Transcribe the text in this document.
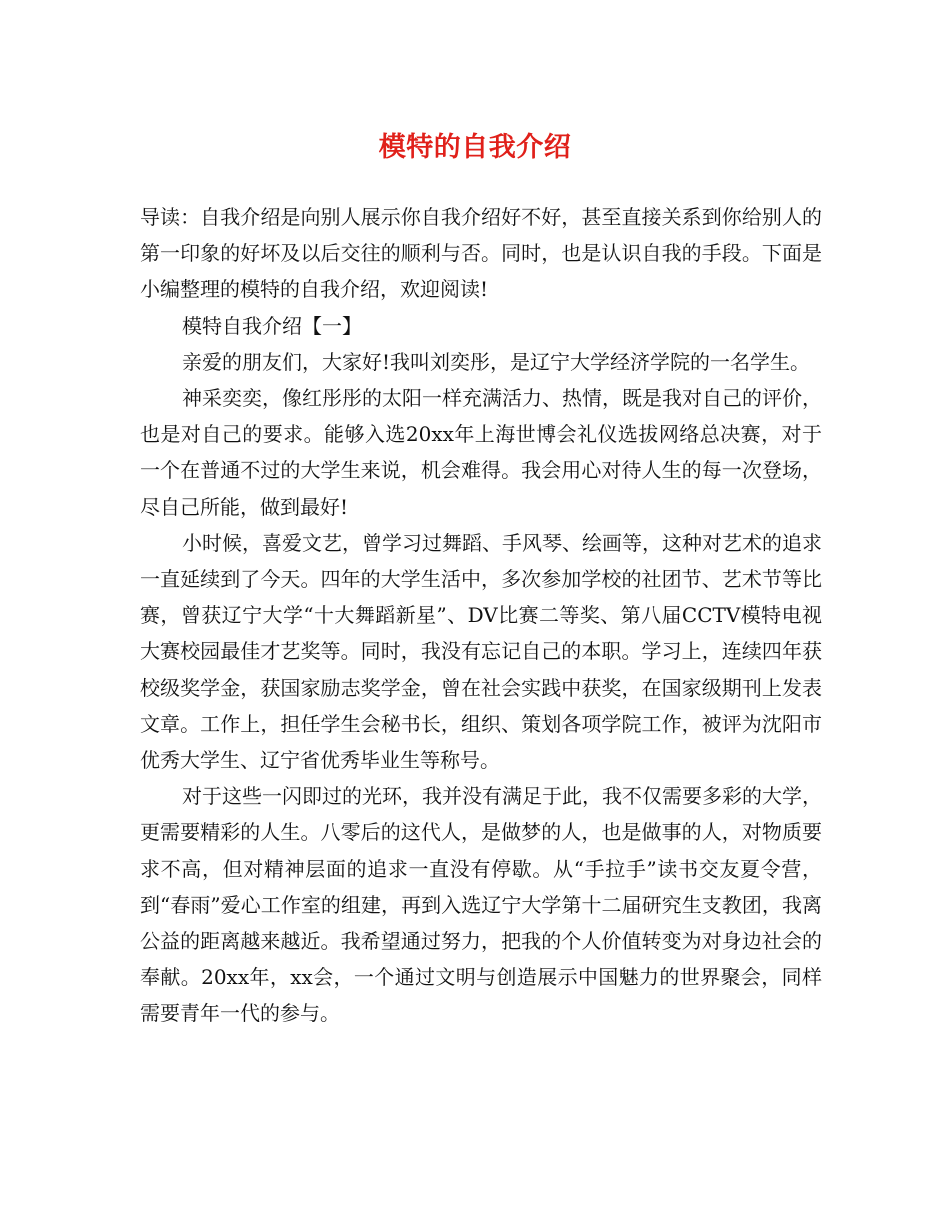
模特的自我介绍

导读：自我介绍是向别人展示你自我介绍好不好，甚至直接关系到你给别人的第一印象的好坏及以后交往的顺利与否。同时，也是认识自我的手段。下面是小编整理的模特的自我介绍，欢迎阅读!

模特自我介绍【一】

亲爱的朋友们，大家好!我叫刘奕彤，是辽宁大学经济学院的一名学生。

神采奕奕，像红彤彤的太阳一样充满活力、热情，既是我对自己的评价，也是对自己的要求。能够入选20xx年上海世博会礼仪选拔网络总决赛，对于一个在普通不过的大学生来说，机会难得。我会用心对待人生的每一次登场，尽自己所能，做到最好!

小时候，喜爱文艺，曾学习过舞蹈、手风琴、绘画等，这种对艺术的追求一直延续到了今天。四年的大学生活中，多次参加学校的社团节、艺术节等比赛，曾获辽宁大学“十大舞蹈新星”、DV比赛二等奖、第八届CCTV模特电视大赛校园最佳才艺奖等。同时，我没有忘记自己的本职。学习上，连续四年获校级奖学金，获国家励志奖学金，曾在社会实践中获奖，在国家级期刊上发表文章。工作上，担任学生会秘书长，组织、策划各项学院工作，被评为沈阳市优秀大学生、辽宁省优秀毕业生等称号。

对于这些一闪即过的光环，我并没有满足于此，我不仅需要多彩的大学，更需要精彩的人生。八零后的这代人，是做梦的人，也是做事的人，对物质要求不高，但对精神层面的追求一直没有停歇。从“手拉手”读书交友夏令营，到“春雨”爱心工作室的组建，再到入选辽宁大学第十二届研究生支教团，我离公益的距离越来越近。我希望通过努力，把我的个人价值转变为对身边社会的奉献。20xx年，xx会，一个通过文明与创造展示中国魅力的世界聚会，同样需要青年一代的参与。
